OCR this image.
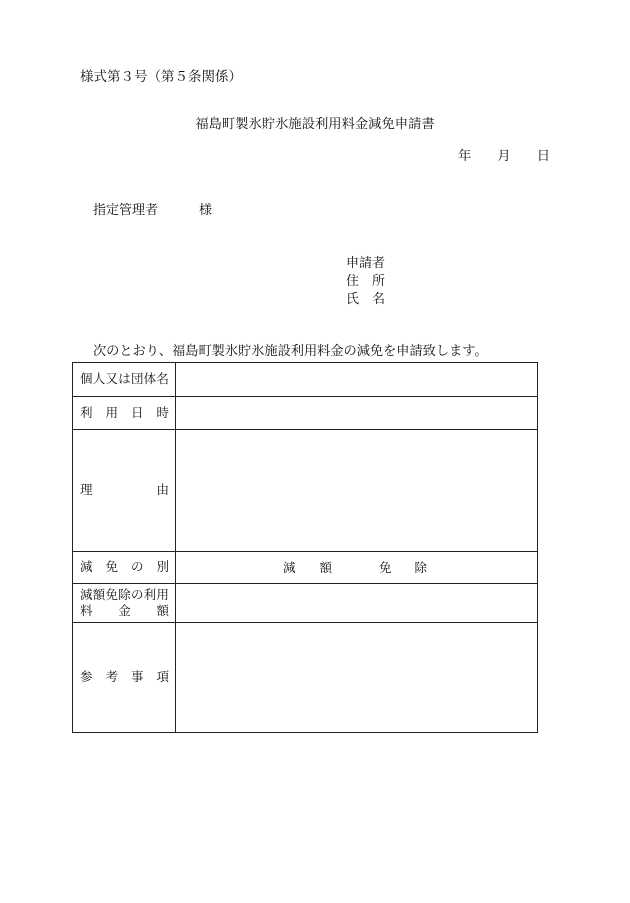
様式第３号（第５条関係）
福島町製氷貯氷施設利用料金減免申請書
年 月 日
指定管理者	様
申請者
住 所
氏 名
次のとおり、福島町製氷貯氷施設利用料金の減免を申請致します。
個 人 又 は 団 体 名
利 用 日 時
理	由
減 免 の 別	減 額	免 除
減 額 免 除 の 利 用
料 金 額
参 考 事 項
